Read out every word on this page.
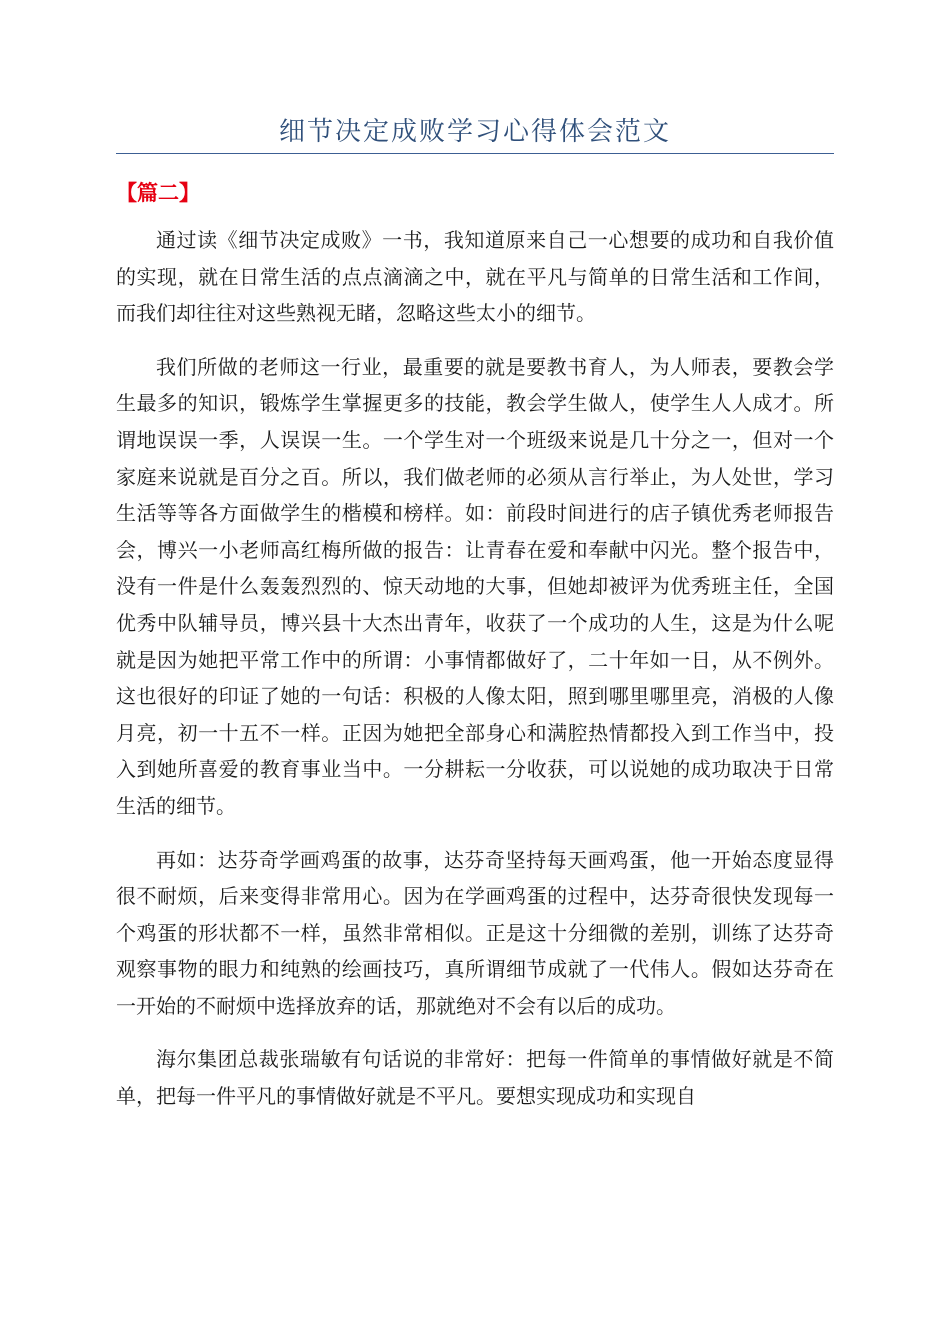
细节决定成败学习心得体会范文
【篇二】

通过读《细节决定成败》一书，我知道原来自己一心想要的成功和自我价值的实现，就在日常生活的点点滴滴之中，就在平凡与简单的日常生活和工作间，而我们却往往对这些熟视无睹，忽略这些太小的细节。

我们所做的老师这一行业，最重要的就是要教书育人，为人师表，要教会学生最多的知识，锻炼学生掌握更多的技能，教会学生做人，使学生人人成才。所谓地误误一季，人误误一生。一个学生对一个班级来说是几十分之一，但对一个家庭来说就是百分之百。所以，我们做老师的必须从言行举止，为人处世，学习生活等等各方面做学生的楷模和榜样。如：前段时间进行的店子镇优秀老师报告会，博兴一小老师高红梅所做的报告：让青春在爱和奉献中闪光。整个报告中，没有一件是什么轰轰烈烈的、惊天动地的大事，但她却被评为优秀班主任，全国优秀中队辅导员，博兴县十大杰出青年，收获了一个成功的人生，这是为什么呢就是因为她把平常工作中的所谓：小事情都做好了，二十年如一日，从不例外。这也很好的印证了她的一句话：积极的人像太阳，照到哪里哪里亮，消极的人像月亮，初一十五不一样。正因为她把全部身心和满腔热情都投入到工作当中，投入到她所喜爱的教育事业当中。一分耕耘一分收获，可以说她的成功取决于日常生活的细节。

再如：达芬奇学画鸡蛋的故事，达芬奇坚持每天画鸡蛋，他一开始态度显得很不耐烦，后来变得非常用心。因为在学画鸡蛋的过程中，达芬奇很快发现每一个鸡蛋的形状都不一样，虽然非常相似。正是这十分细微的差别，训练了达芬奇观察事物的眼力和纯熟的绘画技巧，真所谓细节成就了一代伟人。假如达芬奇在一开始的不耐烦中选择放弃的话，那就绝对不会有以后的成功。

海尔集团总裁张瑞敏有句话说的非常好：把每一件简单的事情做好就是不简单，把每一件平凡的事情做好就是不平凡。要想实现成功和实现自
